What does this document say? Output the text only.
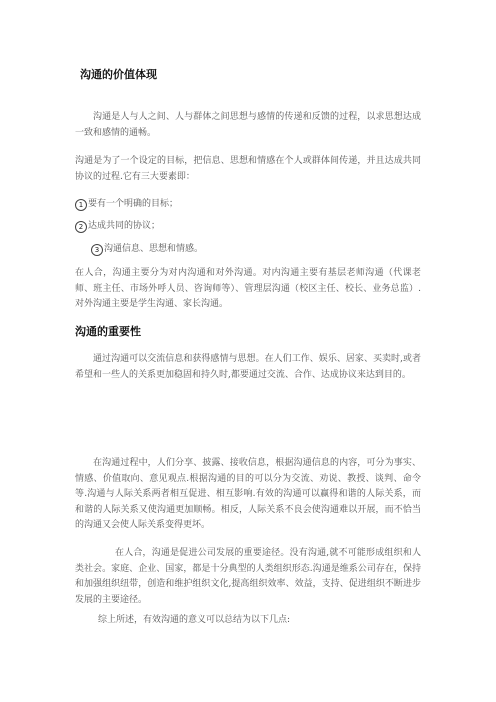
沟通的价值体现
沟通是人与人之间、人与群体之间思想与感情的传递和反馈的过程，以求思想达成一致和感情的通畅。
沟通是为了一个设定的目标，把信息、思想和情感在个人或群体间传递，并且达成共同协议的过程.它有三大要素即：
1 要有一个明确的目标；
2 达成共同的协议；
3 沟通信息、思想和情感。
在人合，沟通主要分为对内沟通和对外沟通。对内沟通主要有基层老师沟通（代课老师、班主任、市场外呼人员、咨询师等）、管理层沟通（校区主任、校长、业务总监）. 对外沟通主要是学生沟通、家长沟通。
沟通的重要性
通过沟通可以交流信息和获得感情与思想。在人们工作、娱乐、居家、买卖时,或者希望和一些人的关系更加稳固和持久时,都要通过交流、合作、达成协议来达到目的。
在沟通过程中，人们分享、披露、接收信息，根据沟通信息的内容，可分为事实、情感、价值取向、意见观点.根据沟通的目的可以分为交流、劝说、教授、谈判、命令等.沟通与人际关系两者相互促进、相互影响.有效的沟通可以赢得和谐的人际关系，而和谐的人际关系又使沟通更加顺畅。相反，人际关系不良会使沟通难以开展，而不恰当的沟通又会使人际关系变得更坏。
在人合，沟通是促进公司发展的重要途径。没有沟通,就不可能形成组织和人类社会。家庭、企业、国家，都是十分典型的人类组织形态.沟通是维系公司存在，保持和加强组织纽带，创造和维护组织文化,提高组织效率、效益，支持、促进组织不断进步发展的主要途径。
综上所述，有效沟通的意义可以总结为以下几点:
